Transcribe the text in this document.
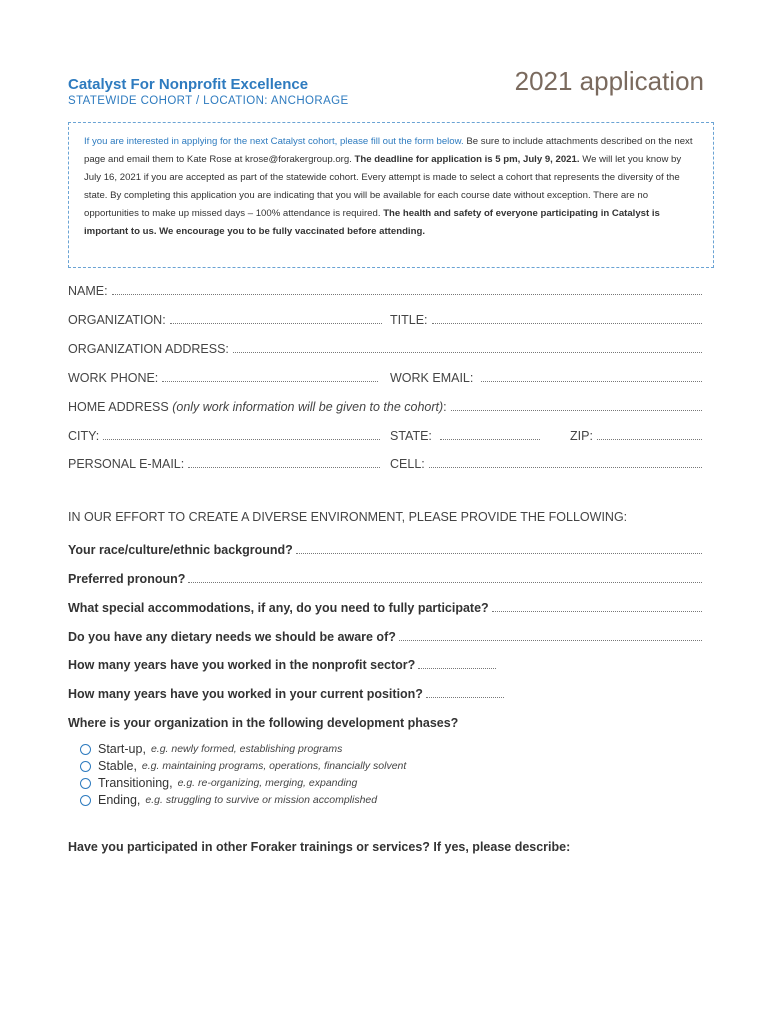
Catalyst For Nonprofit Excellence
STATEWIDE COHORT / LOCATION: ANCHORAGE
2021 application
If you are interested in applying for the next Catalyst cohort, please fill out the form below. Be sure to include attachments described on the next page and email them to Kate Rose at krose@forakergroup.org. The deadline for application is 5 pm, July 9, 2021. We will let you know by July 16, 2021 if you are accepted as part of the statewide cohort. Every attempt is made to select a cohort that represents the diversity of the state. By completing this application you are indicating that you will be available for each course date without exception. There are no opportunities to make up missed days – 100% attendance is required. The health and safety of everyone participating in Catalyst is important to us. We encourage you to be fully vaccinated before attending.
NAME:
ORGANIZATION:	TITLE:
ORGANIZATION ADDRESS:
WORK PHONE:	WORK EMAIL:
HOME ADDRESS (only work information will be given to the cohort):
CITY:	STATE:	ZIP:
PERSONAL E-MAIL:	CELL:
IN OUR EFFORT TO CREATE A DIVERSE ENVIRONMENT, PLEASE PROVIDE THE FOLLOWING:
Your race/culture/ethnic background?
Preferred pronoun?
What special accommodations, if any, do you need to fully participate?
Do you have any dietary needs we should be aware of?
How many years have you worked in the nonprofit sector?
How many years have you worked in your current position?
Where is your organization in the following development phases?
Start-up, e.g. newly formed, establishing programs
Stable, e.g. maintaining programs, operations, financially solvent
Transitioning, e.g. re-organizing, merging, expanding
Ending, e.g. struggling to survive or mission accomplished
Have you participated in other Foraker trainings or services? If yes, please describe:
